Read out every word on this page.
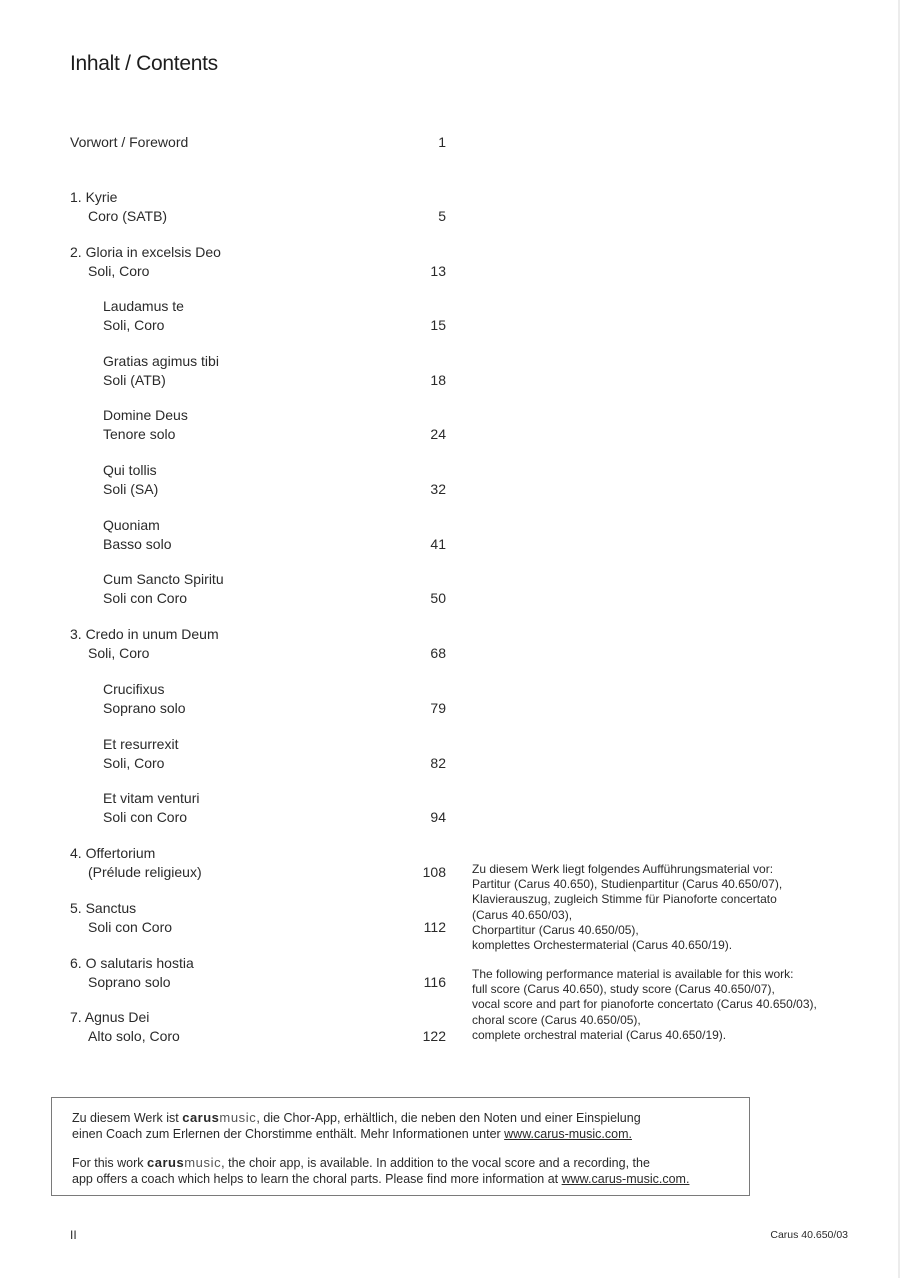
Inhalt / Contents
Vorwort / Foreword	1
1. Kyrie
Coro (SATB)	5
2. Gloria in excelsis Deo
Soli, Coro	13
Laudamus te
Soli, Coro	15
Gratias agimus tibi
Soli (ATB)	18
Domine Deus
Tenore solo	24
Qui tollis
Soli (SA)	32
Quoniam
Basso solo	41
Cum Sancto Spiritu
Soli con Coro	50
3. Credo in unum Deum
Soli, Coro	68
Crucifixus
Soprano solo	79
Et resurrexit
Soli, Coro	82
Et vitam venturi
Soli con Coro	94
4. Offertorium
(Prélude religieux)	108
5. Sanctus
Soli con Coro	112
6. O salutaris hostia
Soprano solo	116
7. Agnus Dei
Alto solo, Coro	122
Zu diesem Werk liegt folgendes Aufführungsmaterial vor:
Partitur (Carus 40.650), Studienpartitur (Carus 40.650/07),
Klavierauszug, zugleich Stimme für Pianoforte concertato
(Carus 40.650/03),
Chorpartitur (Carus 40.650/05),
komplettes Orchestermaterial (Carus 40.650/19).
The following performance material is available for this work:
full score (Carus 40.650), study score (Carus 40.650/07),
vocal score and part for pianoforte concertato (Carus 40.650/03),
choral score (Carus 40.650/05),
complete orchestral material (Carus 40.650/19).
Zu diesem Werk ist carusmusic, die Chor-App, erhältlich, die neben den Noten und einer Einspielung
einen Coach zum Erlernen der Chorstimme enthält. Mehr Informationen unter www.carus-music.com.
For this work carusmusic, the choir app, is available. In addition to the vocal score and a recording, the
app offers a coach which helps to learn the choral parts. Please find more information at www.carus-music.com.
II	Carus 40.650/03
